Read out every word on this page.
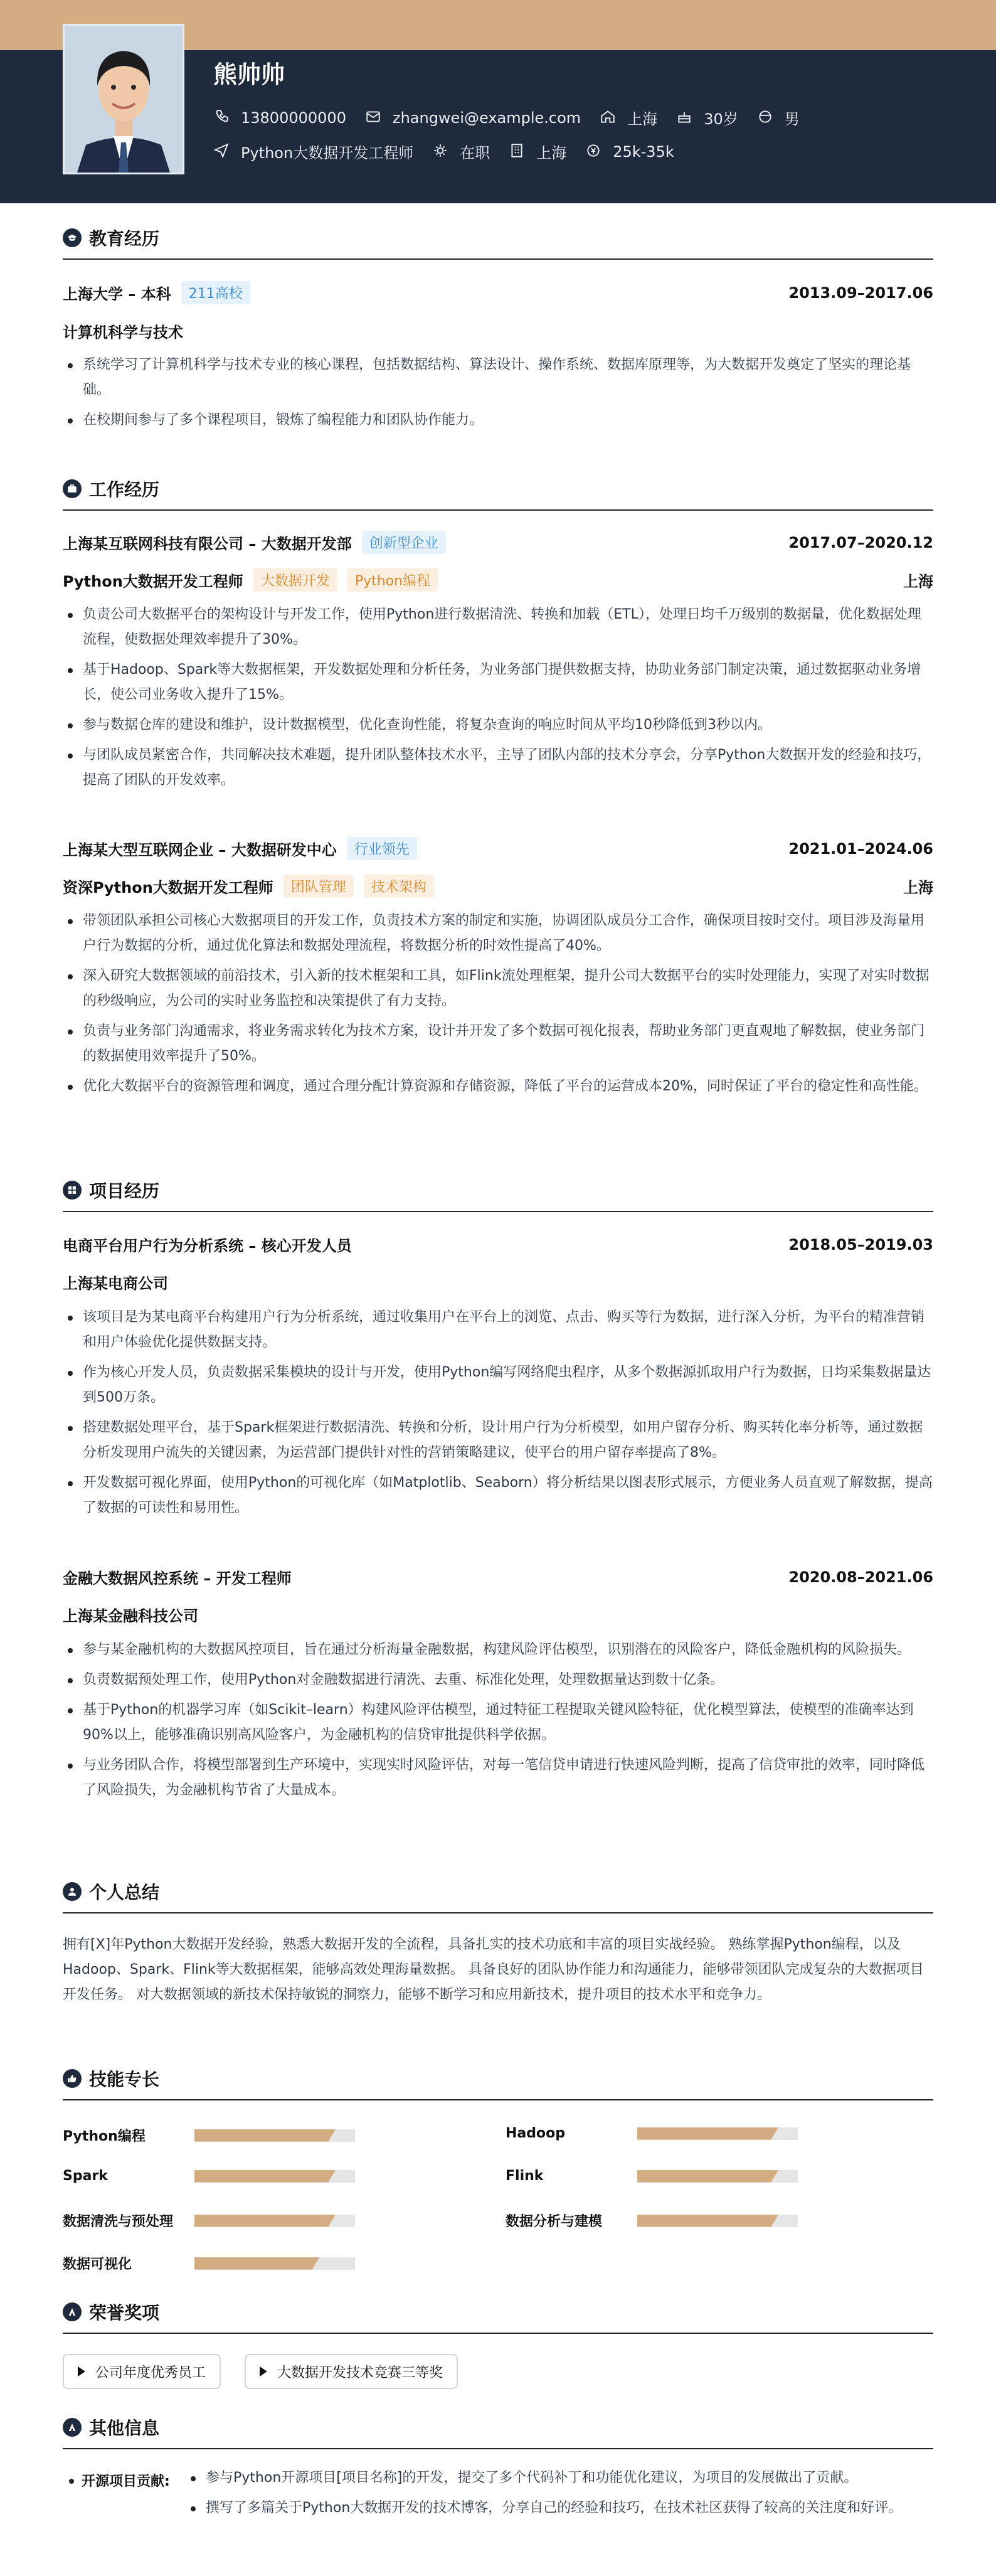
熊帅帅
13800000000	zhangwei@example.com	上海	30岁	男
Python大数据开发工程师	在职	上海	25k-35k
教育经历
上海大学 – 本科	211高校	2013.09–2017.06
计算机科学与技术
系统学习了计算机科学与技术专业的核心课程，包括数据结构、算法设计、操作系统、数据库原理等，为大数据开发奠定了坚实的理论基础。
在校期间参与了多个课程项目，锻炼了编程能力和团队协作能力。
工作经历
上海某互联网科技有限公司 – 大数据开发部	创新型企业	2017.07–2020.12
Python大数据开发工程师	大数据开发	Python编程	上海
负责公司大数据平台的架构设计与开发工作，使用Python进行数据清洗、转换和加载（ETL），处理日均千万级别的数据量，优化数据处理流程，使数据处理效率提升了30%。
基于Hadoop、Spark等大数据框架，开发数据处理和分析任务，为业务部门提供数据支持，协助业务部门制定决策，通过数据驱动业务增长，使公司业务收入提升了15%。
参与数据仓库的建设和维护，设计数据模型，优化查询性能，将复杂查询的响应时间从平均10秒降低到3秒以内。
与团队成员紧密合作，共同解决技术难题，提升团队整体技术水平，主导了团队内部的技术分享会，分享Python大数据开发的经验和技巧，提高了团队的开发效率。
上海某大型互联网企业 – 大数据研发中心	行业领先	2021.01–2024.06
资深Python大数据开发工程师	团队管理	技术架构	上海
带领团队承担公司核心大数据项目的开发工作，负责技术方案的制定和实施，协调团队成员分工合作，确保项目按时交付。项目涉及海量用户行为数据的分析，通过优化算法和数据处理流程，将数据分析的时效性提高了40%。
深入研究大数据领域的前沿技术，引入新的技术框架和工具，如Flink流处理框架，提升公司大数据平台的实时处理能力，实现了对实时数据的秒级响应，为公司的实时业务监控和决策提供了有力支持。
负责与业务部门沟通需求，将业务需求转化为技术方案，设计并开发了多个数据可视化报表，帮助业务部门更直观地了解数据，使业务部门的数据使用效率提升了50%。
优化大数据平台的资源管理和调度，通过合理分配计算资源和存储资源，降低了平台的运营成本20%，同时保证了平台的稳定性和高性能。
项目经历
电商平台用户行为分析系统 – 核心开发人员	2018.05–2019.03
上海某电商公司
该项目是为某电商平台构建用户行为分析系统，通过收集用户在平台上的浏览、点击、购买等行为数据，进行深入分析，为平台的精准营销和用户体验优化提供数据支持。
作为核心开发人员，负责数据采集模块的设计与开发，使用Python编写网络爬虫程序，从多个数据源抓取用户行为数据，日均采集数据量达到500万条。
搭建数据处理平台，基于Spark框架进行数据清洗、转换和分析，设计用户行为分析模型，如用户留存分析、购买转化率分析等，通过数据分析发现用户流失的关键因素，为运营部门提供针对性的营销策略建议，使平台的用户留存率提高了8%。
开发数据可视化界面，使用Python的可视化库（如Matplotlib、Seaborn）将分析结果以图表形式展示，方便业务人员直观了解数据，提高了数据的可读性和易用性。
金融大数据风控系统 – 开发工程师	2020.08–2021.06
上海某金融科技公司
参与某金融机构的大数据风控项目，旨在通过分析海量金融数据，构建风险评估模型，识别潜在的风险客户，降低金融机构的风险损失。
负责数据预处理工作，使用Python对金融数据进行清洗、去重、标准化处理，处理数据量达到数十亿条。
基于Python的机器学习库（如Scikit–learn）构建风险评估模型，通过特征工程提取关键风险特征，优化模型算法，使模型的准确率达到90%以上，能够准确识别高风险客户，为金融机构的信贷审批提供科学依据。
与业务团队合作，将模型部署到生产环境中，实现实时风险评估，对每一笔信贷申请进行快速风险判断，提高了信贷审批的效率，同时降低了风险损失，为金融机构节省了大量成本。
个人总结
拥有[X]年Python大数据开发经验，熟悉大数据开发的全流程，具备扎实的技术功底和丰富的项目实战经验。 熟练掌握Python编程，以及Hadoop、Spark、Flink等大数据框架，能够高效处理海量数据。 具备良好的团队协作能力和沟通能力，能够带领团队完成复杂的大数据项目开发任务。 对大数据领域的新技术保持敏锐的洞察力，能够不断学习和应用新技术，提升项目的技术水平和竞争力。
技能专长
Python编程	Hadoop
Spark	Flink
数据清洗与预处理	数据分析与建模
数据可视化
荣誉奖项
公司年度优秀员工	大数据开发技术竞赛三等奖
其他信息
开源项目贡献:	参与Python开源项目[项目名称]的开发，提交了多个代码补丁和功能优化建议，为项目的发展做出了贡献。
撰写了多篇关于Python大数据开发的技术博客，分享自己的经验和技巧，在技术社区获得了较高的关注度和好评。
